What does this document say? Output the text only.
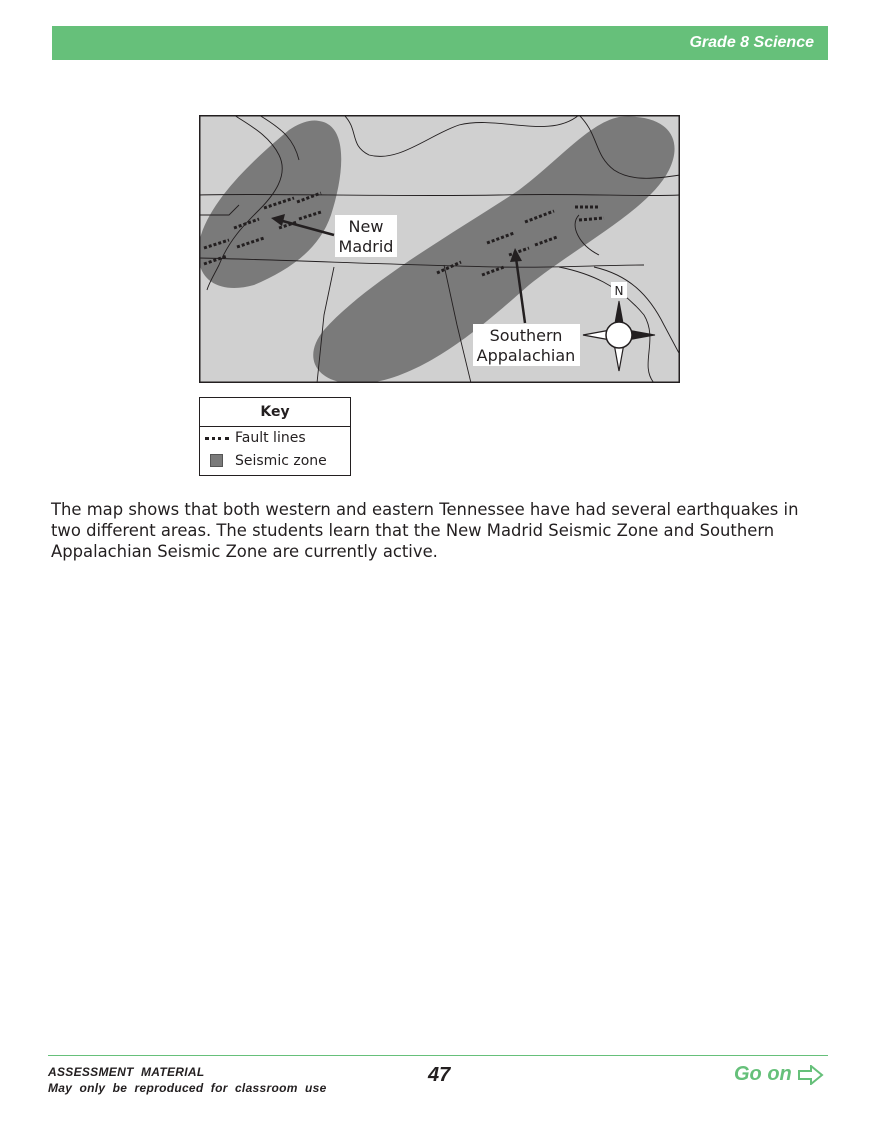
Grade 8 Science
New
Madrid
Southern
Appalachian
N
Key
Fault lines
Seismic zone

The map shows that both western and eastern Tennessee have had several earthquakes in two different areas. The students learn that the New Madrid Seismic Zone and Southern Appalachian Seismic Zone are currently active.

ASSESSMENT  MATERIAL
May  only  be  reproduced  for  classroom  use
47	Go on
